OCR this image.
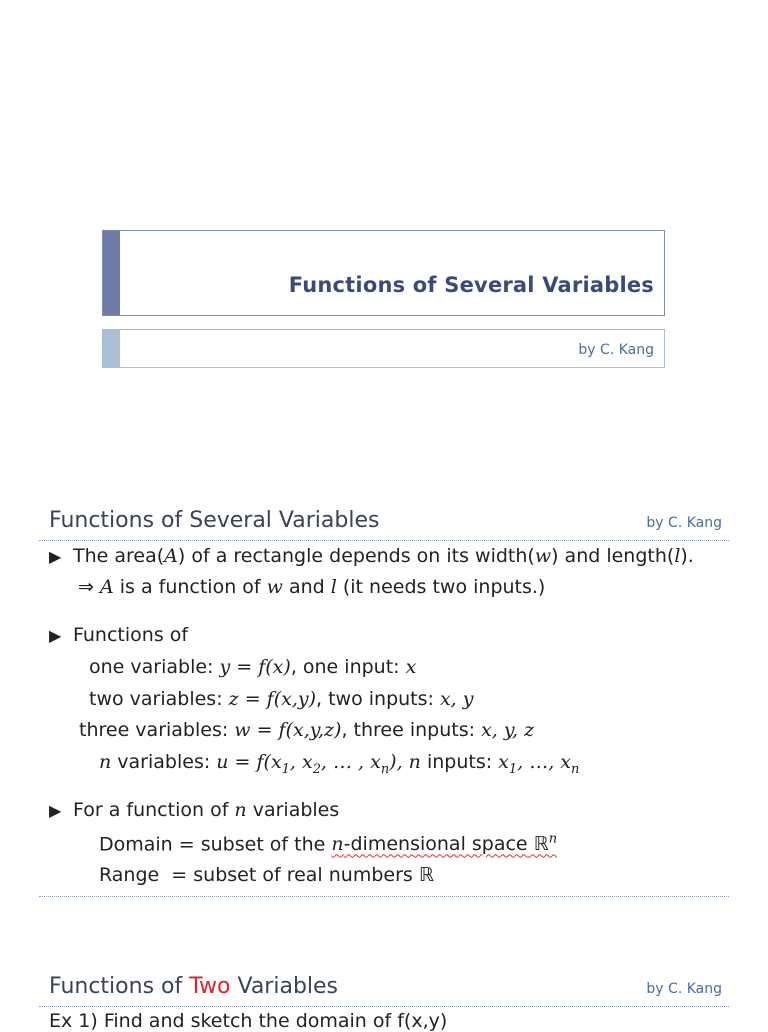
Functions of Several Variables
by C. Kang
Functions of Several Variables	by C. Kang
▶ The area(A) of a rectangle depends on its width(w) and length(l).
⇒ A is a function of w and l (it needs two inputs.)
▶ Functions of
one variable: y = f(x), one input: x
two variables: z = f(x,y), two inputs: x, y
three variables: w = f(x,y,z), three inputs: x, y, z
n variables: $u = f(x_1$, $x_2$, … , $x_n$), n inputs: $x_1$, …, $x_n$
▶ For a function of n variables
Domain = subset of the n-dimensional space ℝ$^n$
Range  = subset of real numbers ℝ
Functions of Two Variables	by C. Kang
Ex 1) Find and sketch the domain of f(x,y)
